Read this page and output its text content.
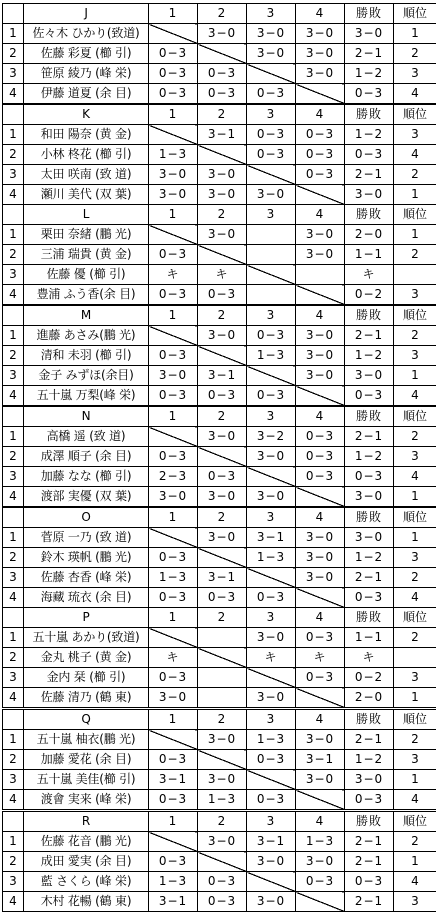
	J	1	2	3	4	勝敗	順位
1	佐々木 ひかり(致道)		3−0	3−0	3−0	3−0	1
2	佐藤 彩夏 (櫛 引)	0−3		3−0	3−0	2−1	2
3	笹原 綾乃 (峰 栄)	0−3	0−3		3−0	1−2	3
4	伊藤 道夏 (余 目)	0−3	0−3	0−3		0−3	4
	K	1	2	3	4	勝敗	順位
1	和田 陽奈 (黄 金)		3−1	0−3	0−3	1−2	3
2	小林 柊花 (櫛 引)	1−3		0−3	0−3	0−3	4
3	太田 咲南 (致 道)	3−0	3−0		0−3	2−1	2
4	瀬川 美代 (双 葉)	3−0	3−0	3−0		3−0	1
	L	1	2	3	4	勝敗	順位
1	栗田 奈緒 (鵬 光)		3−0		3−0	2−0	1
2	三浦 瑞貴 (黄 金)	0−3			3−0	1−1	2
3	佐藤 優 (櫛 引)	キ	キ			キ	
4	豊浦 ふう香(余 目)	0−3	0−3			0−2	3
	M	1	2	3	4	勝敗	順位
1	進藤 あさみ(鵬 光)		3−0	0−3	3−0	2−1	2
2	清和 未羽 (櫛 引)	0−3		1−3	3−0	1−2	3
3	金子 みずほ(余目)	3−0	3−1		3−0	3−0	1
4	五十嵐 万梨(峰 栄)	0−3	0−3	0−3		0−3	4
	N	1	2	3	4	勝敗	順位
1	高橋 遥 (致 道)		3−0	3−2	0−3	2−1	2
2	成澤 順子 (余 目)	0−3		3−0	0−3	1−2	3
3	加藤 なな (櫛 引)	2−3	0−3		0−3	0−3	4
4	渡部 実優 (双 葉)	3−0	3−0	3−0		3−0	1
	O	1	2	3	4	勝敗	順位
1	菅原 一乃 (致 道)		3−0	3−1	3−0	3−0	1
2	鈴木 瑛帆 (鵬 光)	0−3		1−3	3−0	1−2	3
3	佐藤 杏香 (峰 栄)	1−3	3−1		3−0	2−1	2
4	海藏 琉衣 (余 目)	0−3	0−3	0−3		0−3	4
	P	1	2	3	4	勝敗	順位
1	五十嵐 あかり(致道)			3−0	0−3	1−1	2
2	金丸 桃子 (黄 金)	キ		キ	キ	キ	
3	金内 栞 (櫛 引)	0−3			0−3	0−2	3
4	佐藤 清乃 (鶴 東)	3−0		3−0		2−0	1
	Q	1	2	3	4	勝敗	順位
1	五十嵐 柚衣(鵬 光)		3−0	1−3	3−0	2−1	2
2	加藤 愛花 (余 目)	0−3		0−3	3−1	1−2	3
3	五十嵐 美佳(櫛 引)	3−1	3−0		3−0	3−0	1
4	渡會 実来 (峰 栄)	0−3	1−3	0−3		0−3	4
	R	1	2	3	4	勝敗	順位
1	佐藤 花音 (鵬 光)		3−0	3−1	1−3	2−1	2
2	成田 愛実 (余 目)	0−3		3−0	3−0	2−1	1
3	藍 さくら (峰 栄)	1−3	0−3		0−3	0−3	4
4	木村 花暢 (鶴 東)	3−1	0−3	3−0		2−1	3
